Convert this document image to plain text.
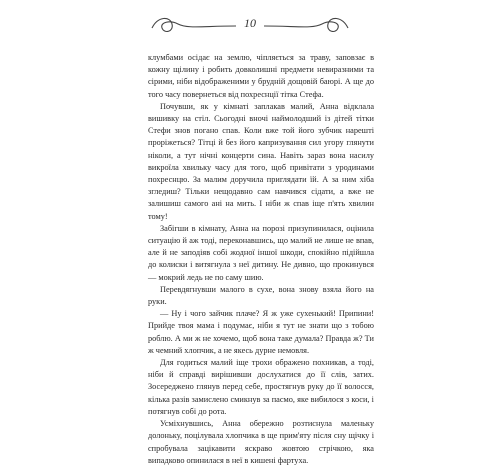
10

клумбами осідає на землю, чіпляється за траву, заповзає в кожну щілину і робить довколишні предмети невиразними та сірими, ніби відображеними у брудній дощовій баюрі. А ще до того часу повернеться від похреснції тітка Стефа.

Почувши, як у кімнаті заплакав малий, Анна відклала вишивку на стіл. Сьогодні вночі наймолодший із дітей тітки Стефи знов погано спав. Коли вже той його зубчик нарешті проріжеться? Тітці й без його капризування сил угору глянути ніколи, а тут нічні концерти сина. Навіть зараз вона насилу викроїла хвильку часу для того, щоб привітати з уродинами похреснцю. За малим доручила приглядати їй. А за ним хіба згледиш? Тільки нещодавно сам навчився сідати, а вже не залишиш самого ані на мить. І ніби ж спав іще п'ять хвилин тому!

Забігши в кімнату, Анна на порозі призупинилася, оцінила ситуацію й аж тоді, переконавшись, що малий не лише не впав, але й не заподіяв собі жодної іншої шкоди, спокійно підійшла до колиски і витягнула з неї дитину. Не дивно, що прокинувся — мокрий ледь не по саму шию.

Перевдягнувши малого в сухе, вона знову взяла його на руки.

— Ну і чого зайчик плаче? Я ж уже сухенький! Припини! Прийде твоя мама і подумає, ніби я тут не знати що з тобою роблю. А ми ж не хочемо, щоб вона таке думала? Правда ж? Ти ж чемний хлопчик, а не якесь дурне немовля.

Для годиться малий іще трохи ображено похникав, а тоді, ніби й справді вирішивши дослухатися до її слів, затих. Зосереджено глянув перед себе, простягнув руку до її волосся, кілька разів замислено смикнув за пасмо, яке вибилося з коси, і потягнув собі до рота.

Усміхнувшись, Анна обережно розтиснула маленьку долоньку, поцілувала хлопчика в ще прим'яту після сну щічку і спробувала зацікавити яскраво жовтою стрічкою, яка випадково опинилася в неї в кишені фартуха.
